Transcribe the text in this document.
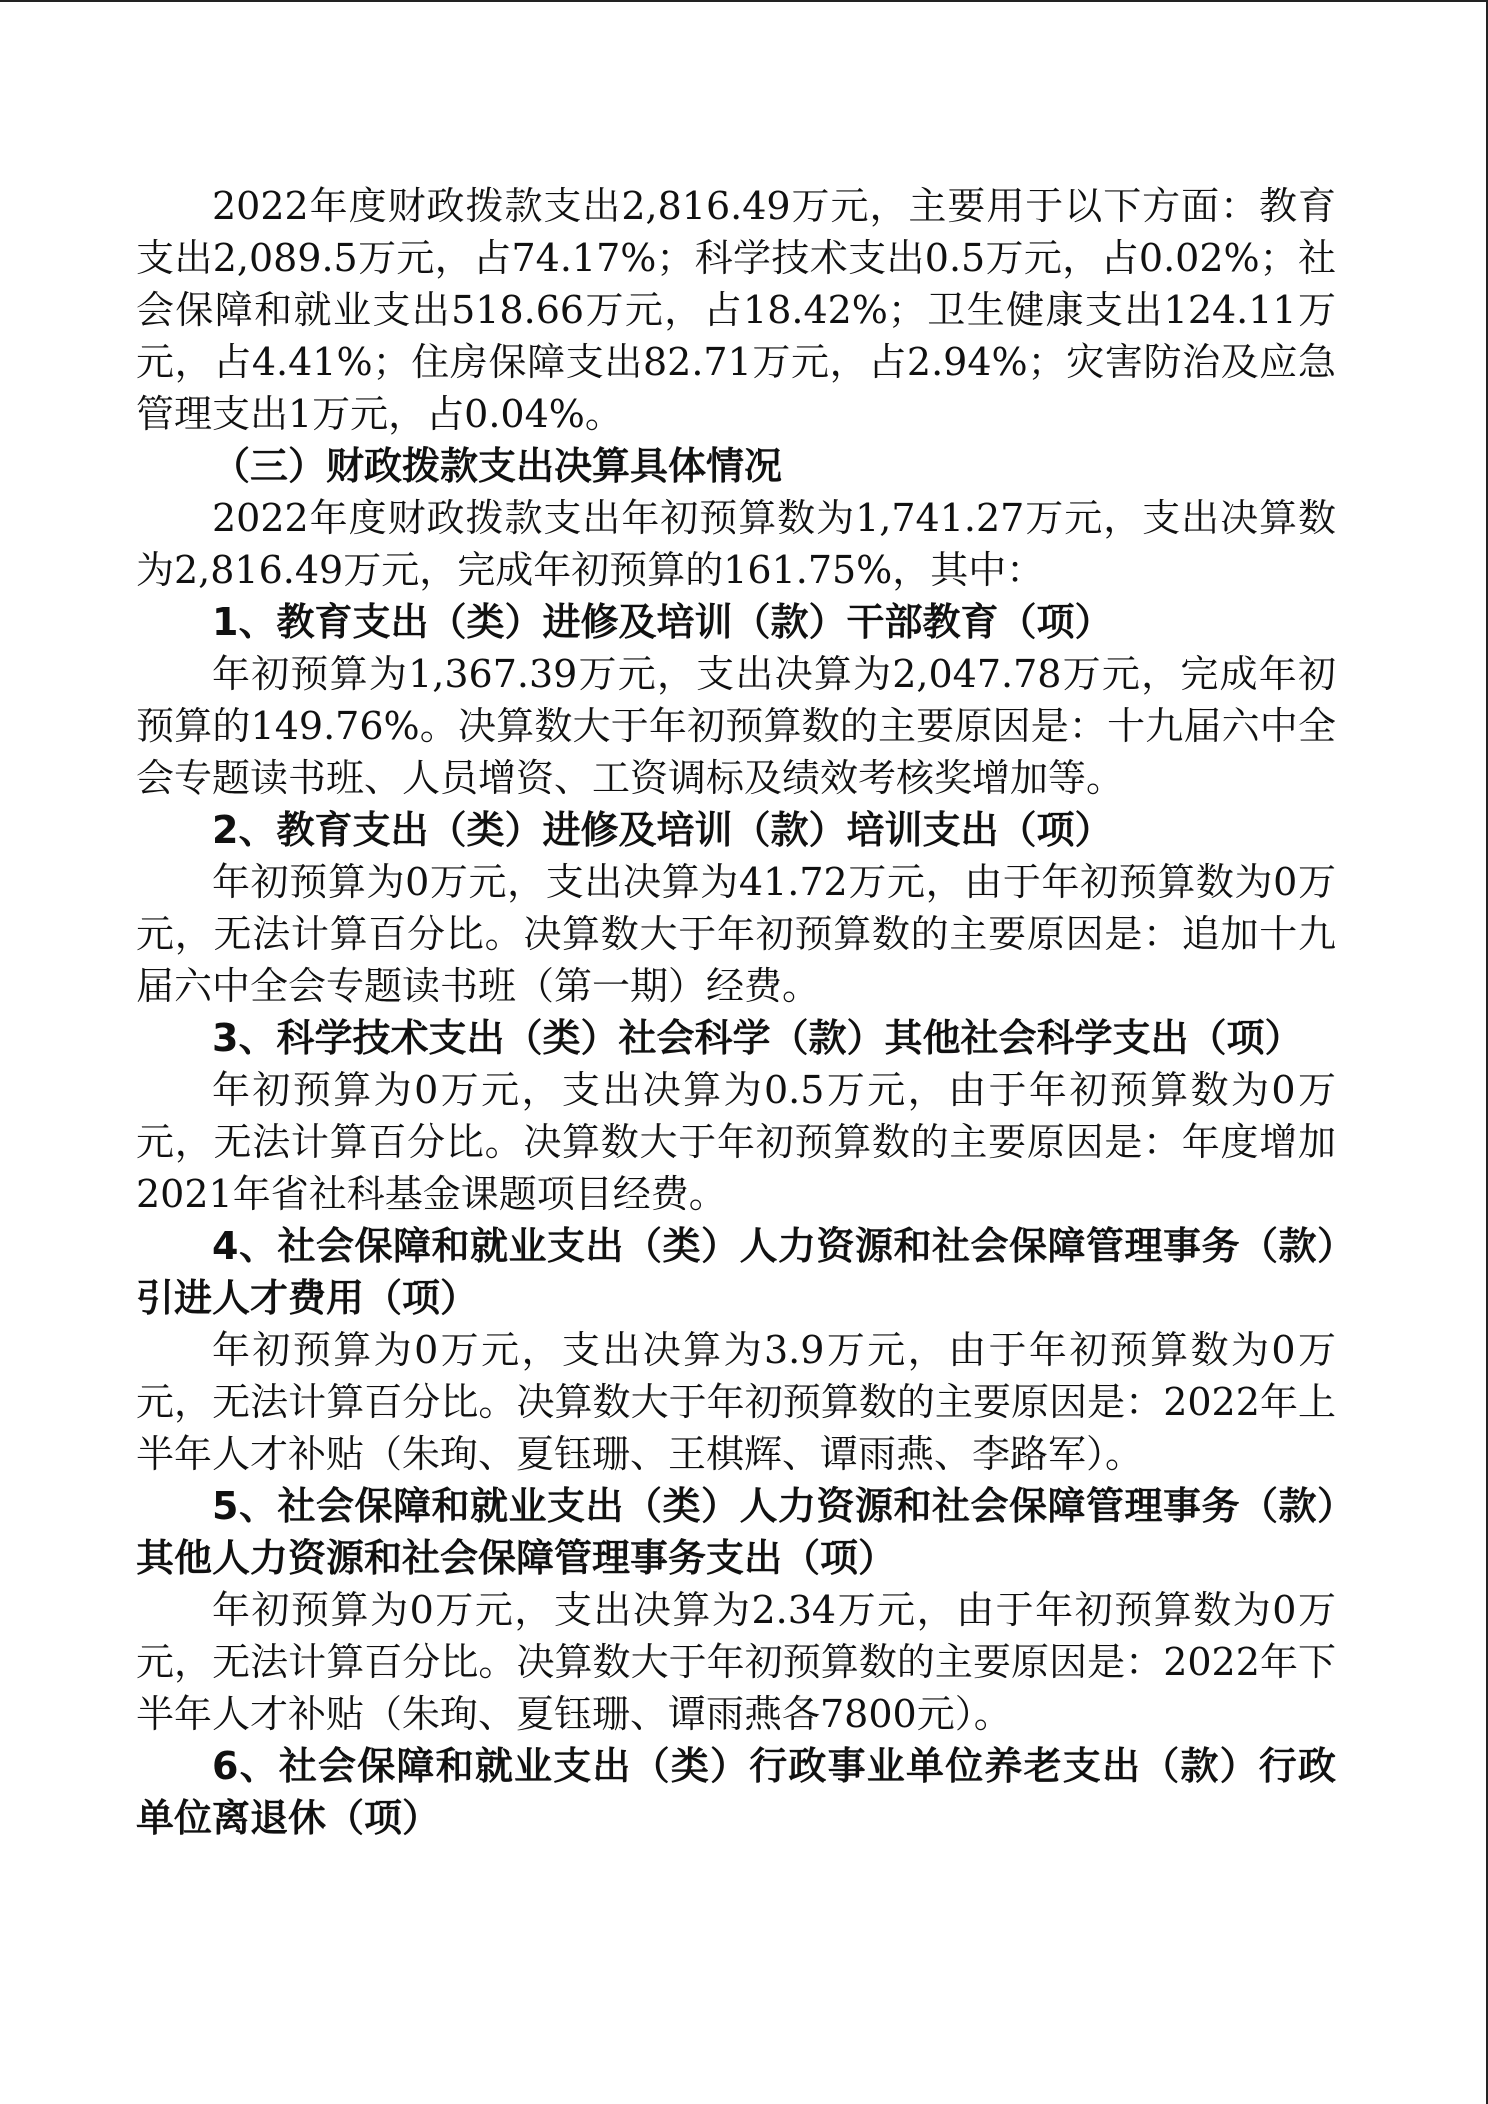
2022年度财政拨款支出2,816.49万元，主要用于以下方面：教育支出2,089.5万元，占74.17%；科学技术支出0.5万元，占0.02%；社会保障和就业支出518.66万元，占18.42%；卫生健康支出124.11万元，占4.41%；住房保障支出82.71万元，占2.94%；灾害防治及应急管理支出1万元，占0.04%。

（三）财政拨款支出决算具体情况

2022年度财政拨款支出年初预算数为1,741.27万元，支出决算数为2,816.49万元，完成年初预算的161.75%，其中：

1、教育支出（类）进修及培训（款）干部教育（项）

年初预算为1,367.39万元，支出决算为2,047.78万元，完成年初预算的149.76%。决算数大于年初预算数的主要原因是：十九届六中全会专题读书班、人员增资、工资调标及绩效考核奖增加等。

2、教育支出（类）进修及培训（款）培训支出（项）

年初预算为0万元，支出决算为41.72万元，由于年初预算数为0万元，无法计算百分比。决算数大于年初预算数的主要原因是：追加十九届六中全会专题读书班（第一期）经费。

3、科学技术支出（类）社会科学（款）其他社会科学支出（项）

年初预算为0万元，支出决算为0.5万元，由于年初预算数为0万元，无法计算百分比。决算数大于年初预算数的主要原因是：年度增加2021年省社科基金课题项目经费。

4、社会保障和就业支出（类）人力资源和社会保障管理事务（款）引进人才费用（项）

年初预算为0万元，支出决算为3.9万元，由于年初预算数为0万元，无法计算百分比。决算数大于年初预算数的主要原因是：2022年上半年人才补贴（朱珣、夏钰珊、王棋辉、谭雨燕、李路军）。

5、社会保障和就业支出（类）人力资源和社会保障管理事务（款）其他人力资源和社会保障管理事务支出（项）

年初预算为0万元，支出决算为2.34万元，由于年初预算数为0万元，无法计算百分比。决算数大于年初预算数的主要原因是：2022年下半年人才补贴（朱珣、夏钰珊、谭雨燕各7800元）。

6、社会保障和就业支出（类）行政事业单位养老支出（款）行政单位离退休（项）
